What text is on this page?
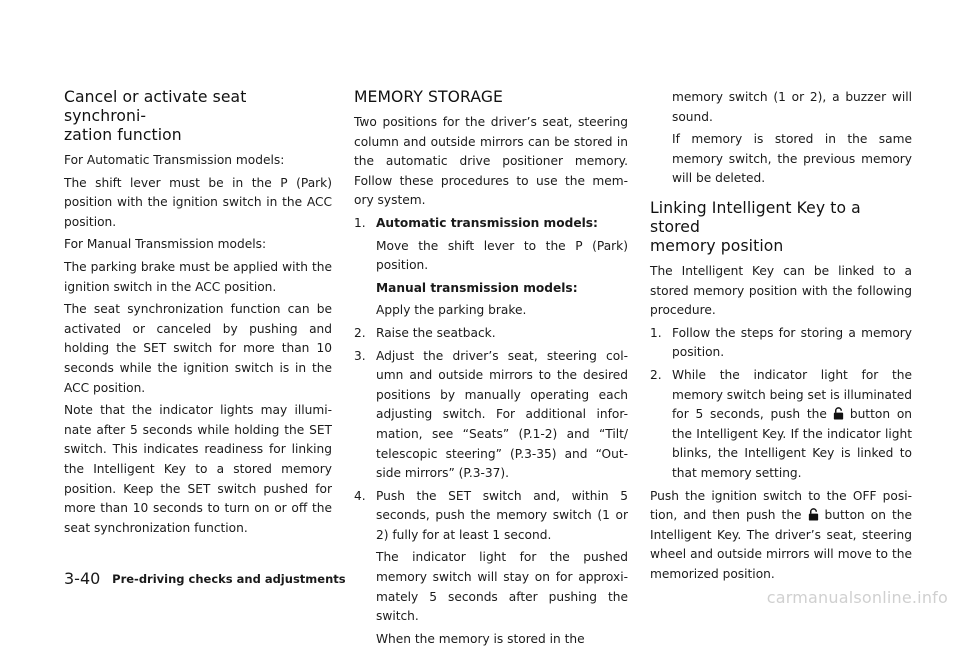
Cancel or activate seat synchroni-
zation function

For Automatic Transmission models:

The shift lever must be in the P (Park) position with the ignition switch in the ACC position.

For Manual Transmission models:

The parking brake must be applied with the ignition switch in the ACC position.

The seat synchronization function can be activated or canceled by pushing and holding the SET switch for more than 10 seconds while the ignition switch is in the ACC position.

Note that the indicator lights may illumi- nate after 5 seconds while holding the SET switch. This indicates readiness for linking the Intelligent Key to a stored memory position. Keep the SET switch pushed for more than 10 seconds to turn on or off the seat synchronization function.

MEMORY STORAGE

Two positions for the driver’s seat, steering column and outside mirrors can be stored in the automatic drive positioner memory. Follow these procedures to use the mem- ory system.

1. Automatic transmission models:

Move the shift lever to the P (Park) position.

Manual transmission models:

Apply the parking brake.

2. Raise the seatback.
3. Adjust the driver’s seat, steering col- umn and outside mirrors to the desired positions by manually operating each adjusting switch. For additional infor- mation, see “Seats” (P.1-2) and “Tilt/ telescopic steering” (P.3-35) and “Out- side mirrors” (P.3-37).
4. Push the SET switch and, within 5 seconds, push the memory switch (1 or 2) fully for at least 1 second.

The indicator light for the pushed memory switch will stay on for approxi- mately 5 seconds after pushing the switch.

When the memory is stored in the

memory switch (1 or 2), a buzzer will sound.

If memory is stored in the same memory switch, the previous memory will be deleted.

Linking Intelligent Key to a stored
memory position

The Intelligent Key can be linked to a stored memory position with the following procedure.

1. Follow the steps for storing a memory position.
2. While the indicator light for the memory switch being set is illuminated for 5 seconds, push the button on the Intelligent Key. If the indicator light blinks, the Intelligent Key is linked to that memory setting.

Push the ignition switch to the OFF posi- tion, and then push the button on the Intelligent Key. The driver’s seat, steering wheel and outside mirrors will move to the memorized position.

3-40 Pre-driving checks and adjustments
carmanualsonline.info
